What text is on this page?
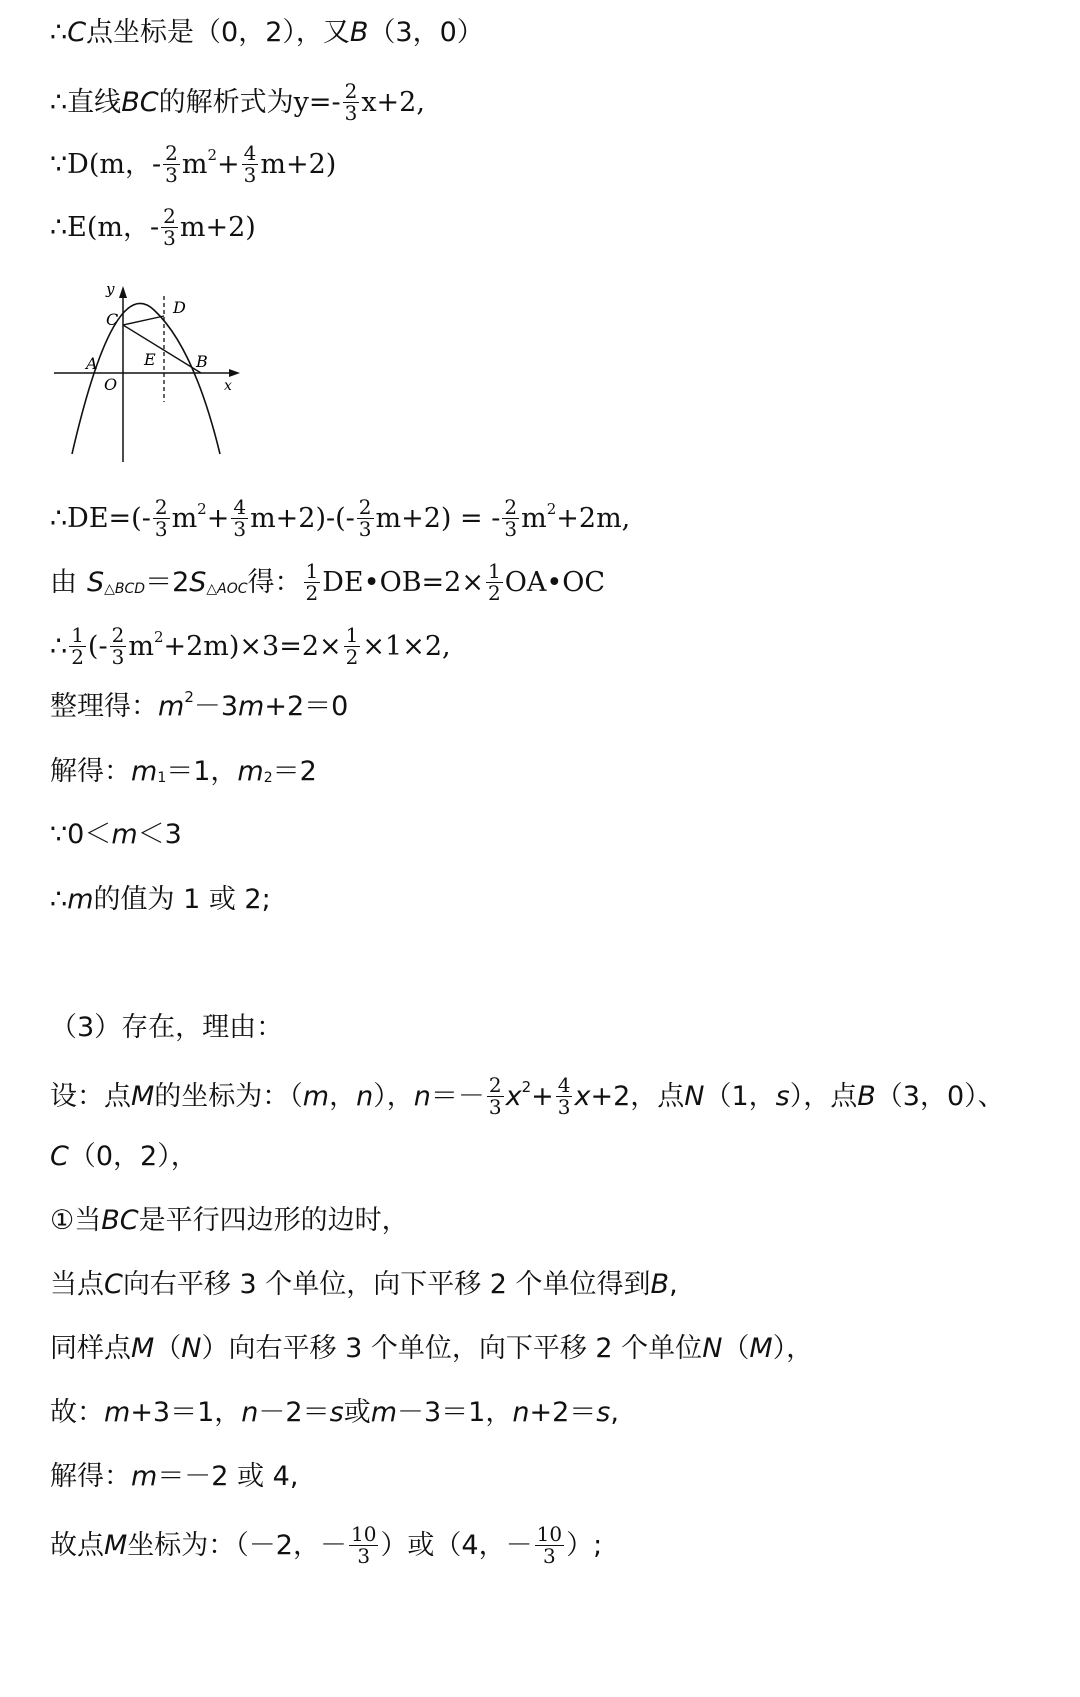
∴ C 点坐标是（0，2），又 B （3，0）
∴直线 BC 的解析式为 $y=- \frac{2}{3} x+2$,
∵D(m，- $\frac{2}{3} m^2 + \frac{4}{3} m+2$)
∴E(m，- $\frac{2}{3} m+2$)
y
x
C
D
A	E	B
O
∴DE=(- $\frac{2}{3} m^2 + \frac{4}{3} m+2)-(- \frac{2}{3} m+2)$ = - $\frac{2}{3} m^2 +2m$,
由 $S_{\triangle BCD} =2$ $S_{\triangle AOC}$ 得： $\frac{1}{2}$ DE•OB=2× $\frac{1}{2}$ OA•OC
∴ $\frac{1}{2}$ (- $\frac{2}{3} m^2 +2m)\times 3=2\times \frac{1}{2} \times 1\times 2$,
整理得： $m^2 -3$ m +2＝0
解得： $m_1 =1$， $m_2 =2$
∵0＜ m ＜3
∴ m 的值为 1 或 2;
（3）存在，理由：
设：点 M 的坐标为：（ m ， n ）， $n =- \frac{2}{3} x^2 + \frac{4}{3}$ x +2，点 N （1， s ），点 B （3，0）、
C （0，2），
①当 BC 是平行四边形的边时，
当点 C 向右平移 3 个单位，向下平移 2 个单位得到 B ,
同样点 M （ N ）向右平移 3 个单位，向下平移 2 个单位 N （ M ），
故： m +3＝1， n －2＝ s 或 m －3＝1， n +2＝ s ,
解得： m ＝－2 或 4,
故点 M 坐标为：（－2，－ $\frac{10}{3}$ ）或（4，－ $\frac{10}{3}$ ）;
